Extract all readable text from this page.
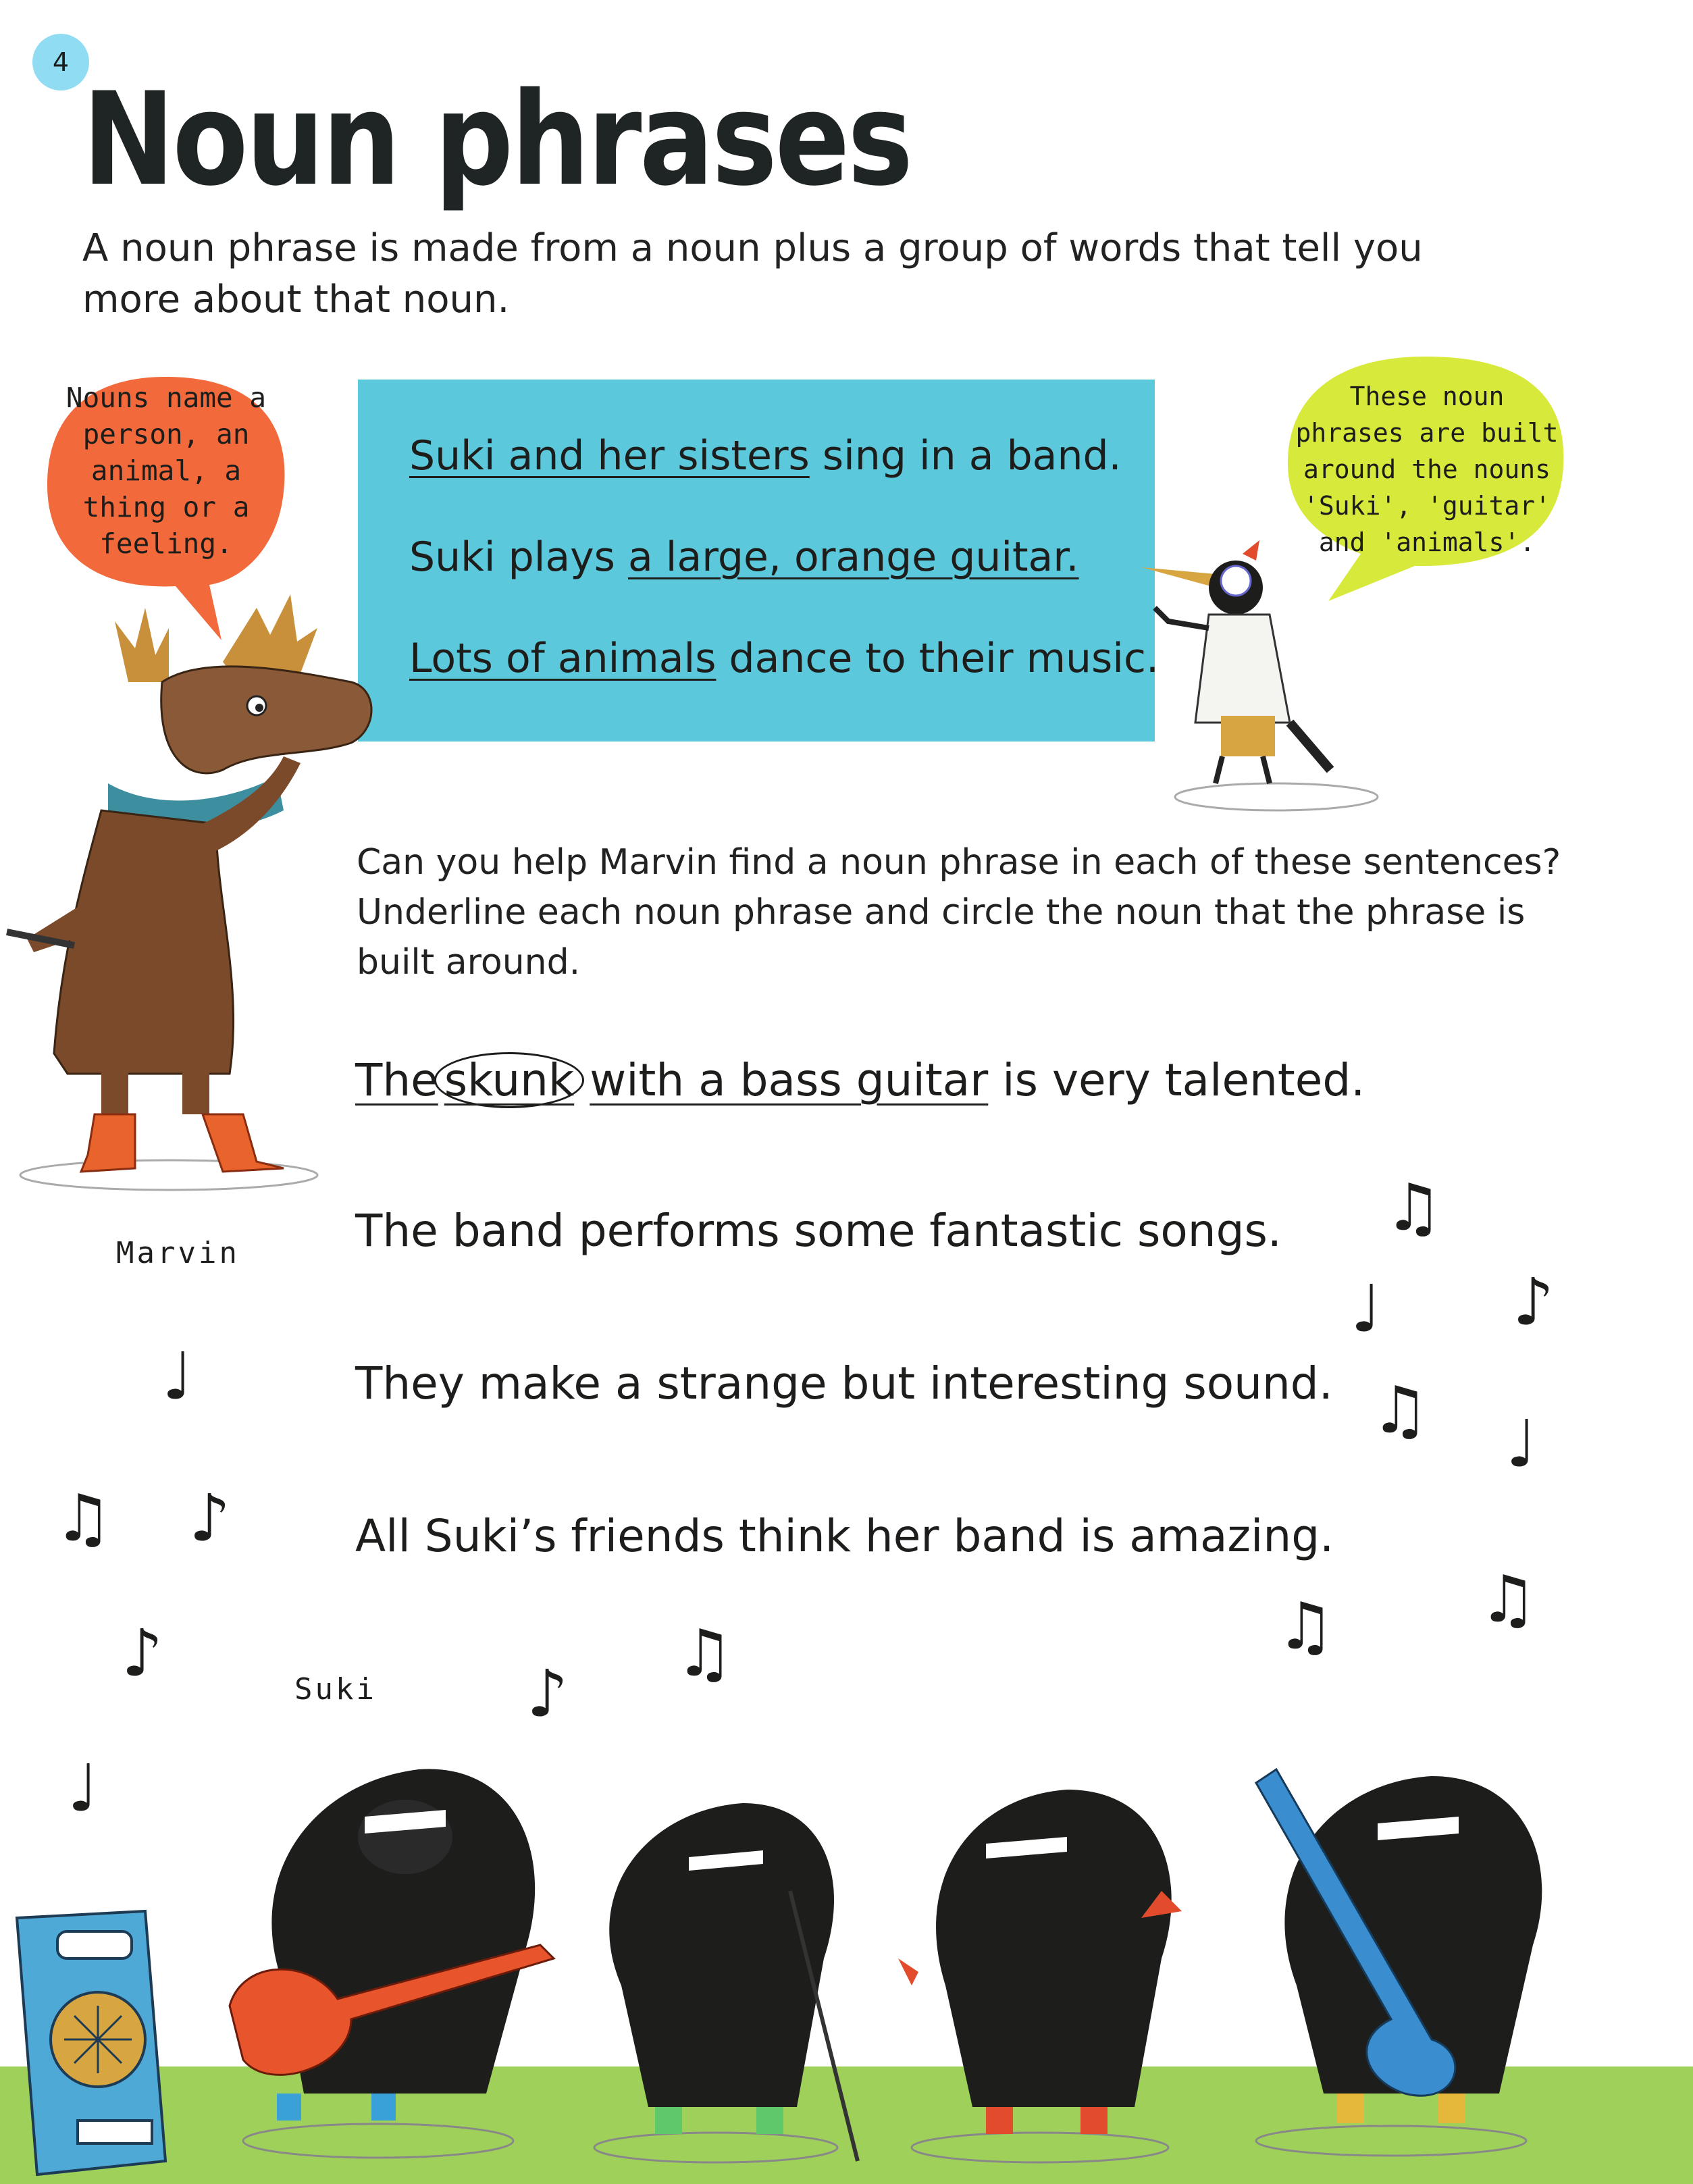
4
Noun phrases
A noun phrase is made from a noun plus a group of words that tell you more about that noun.
Nouns name a person, an animal, a thing or a feeling.
These noun phrases are built around the nouns 'Suki', 'guitar' and 'animals'.
Suki and her sisters sing in a band.
Suki plays a large, orange guitar.
Lots of animals dance to their music.
Can you help Marvin find a noun phrase in each of these sentences? Underline each noun phrase and circle the noun that the phrase is built around.
The skunk with a bass guitar is very talented.
The band performs some fantastic songs.
They make a strange but interesting sound.
All Suki’s friends think her band is amazing.
Marvin
Suki
♩
♫ ♪
♪
♩
♪
♫
♫
♩ ♪
♫ ♩
♫ ♫
